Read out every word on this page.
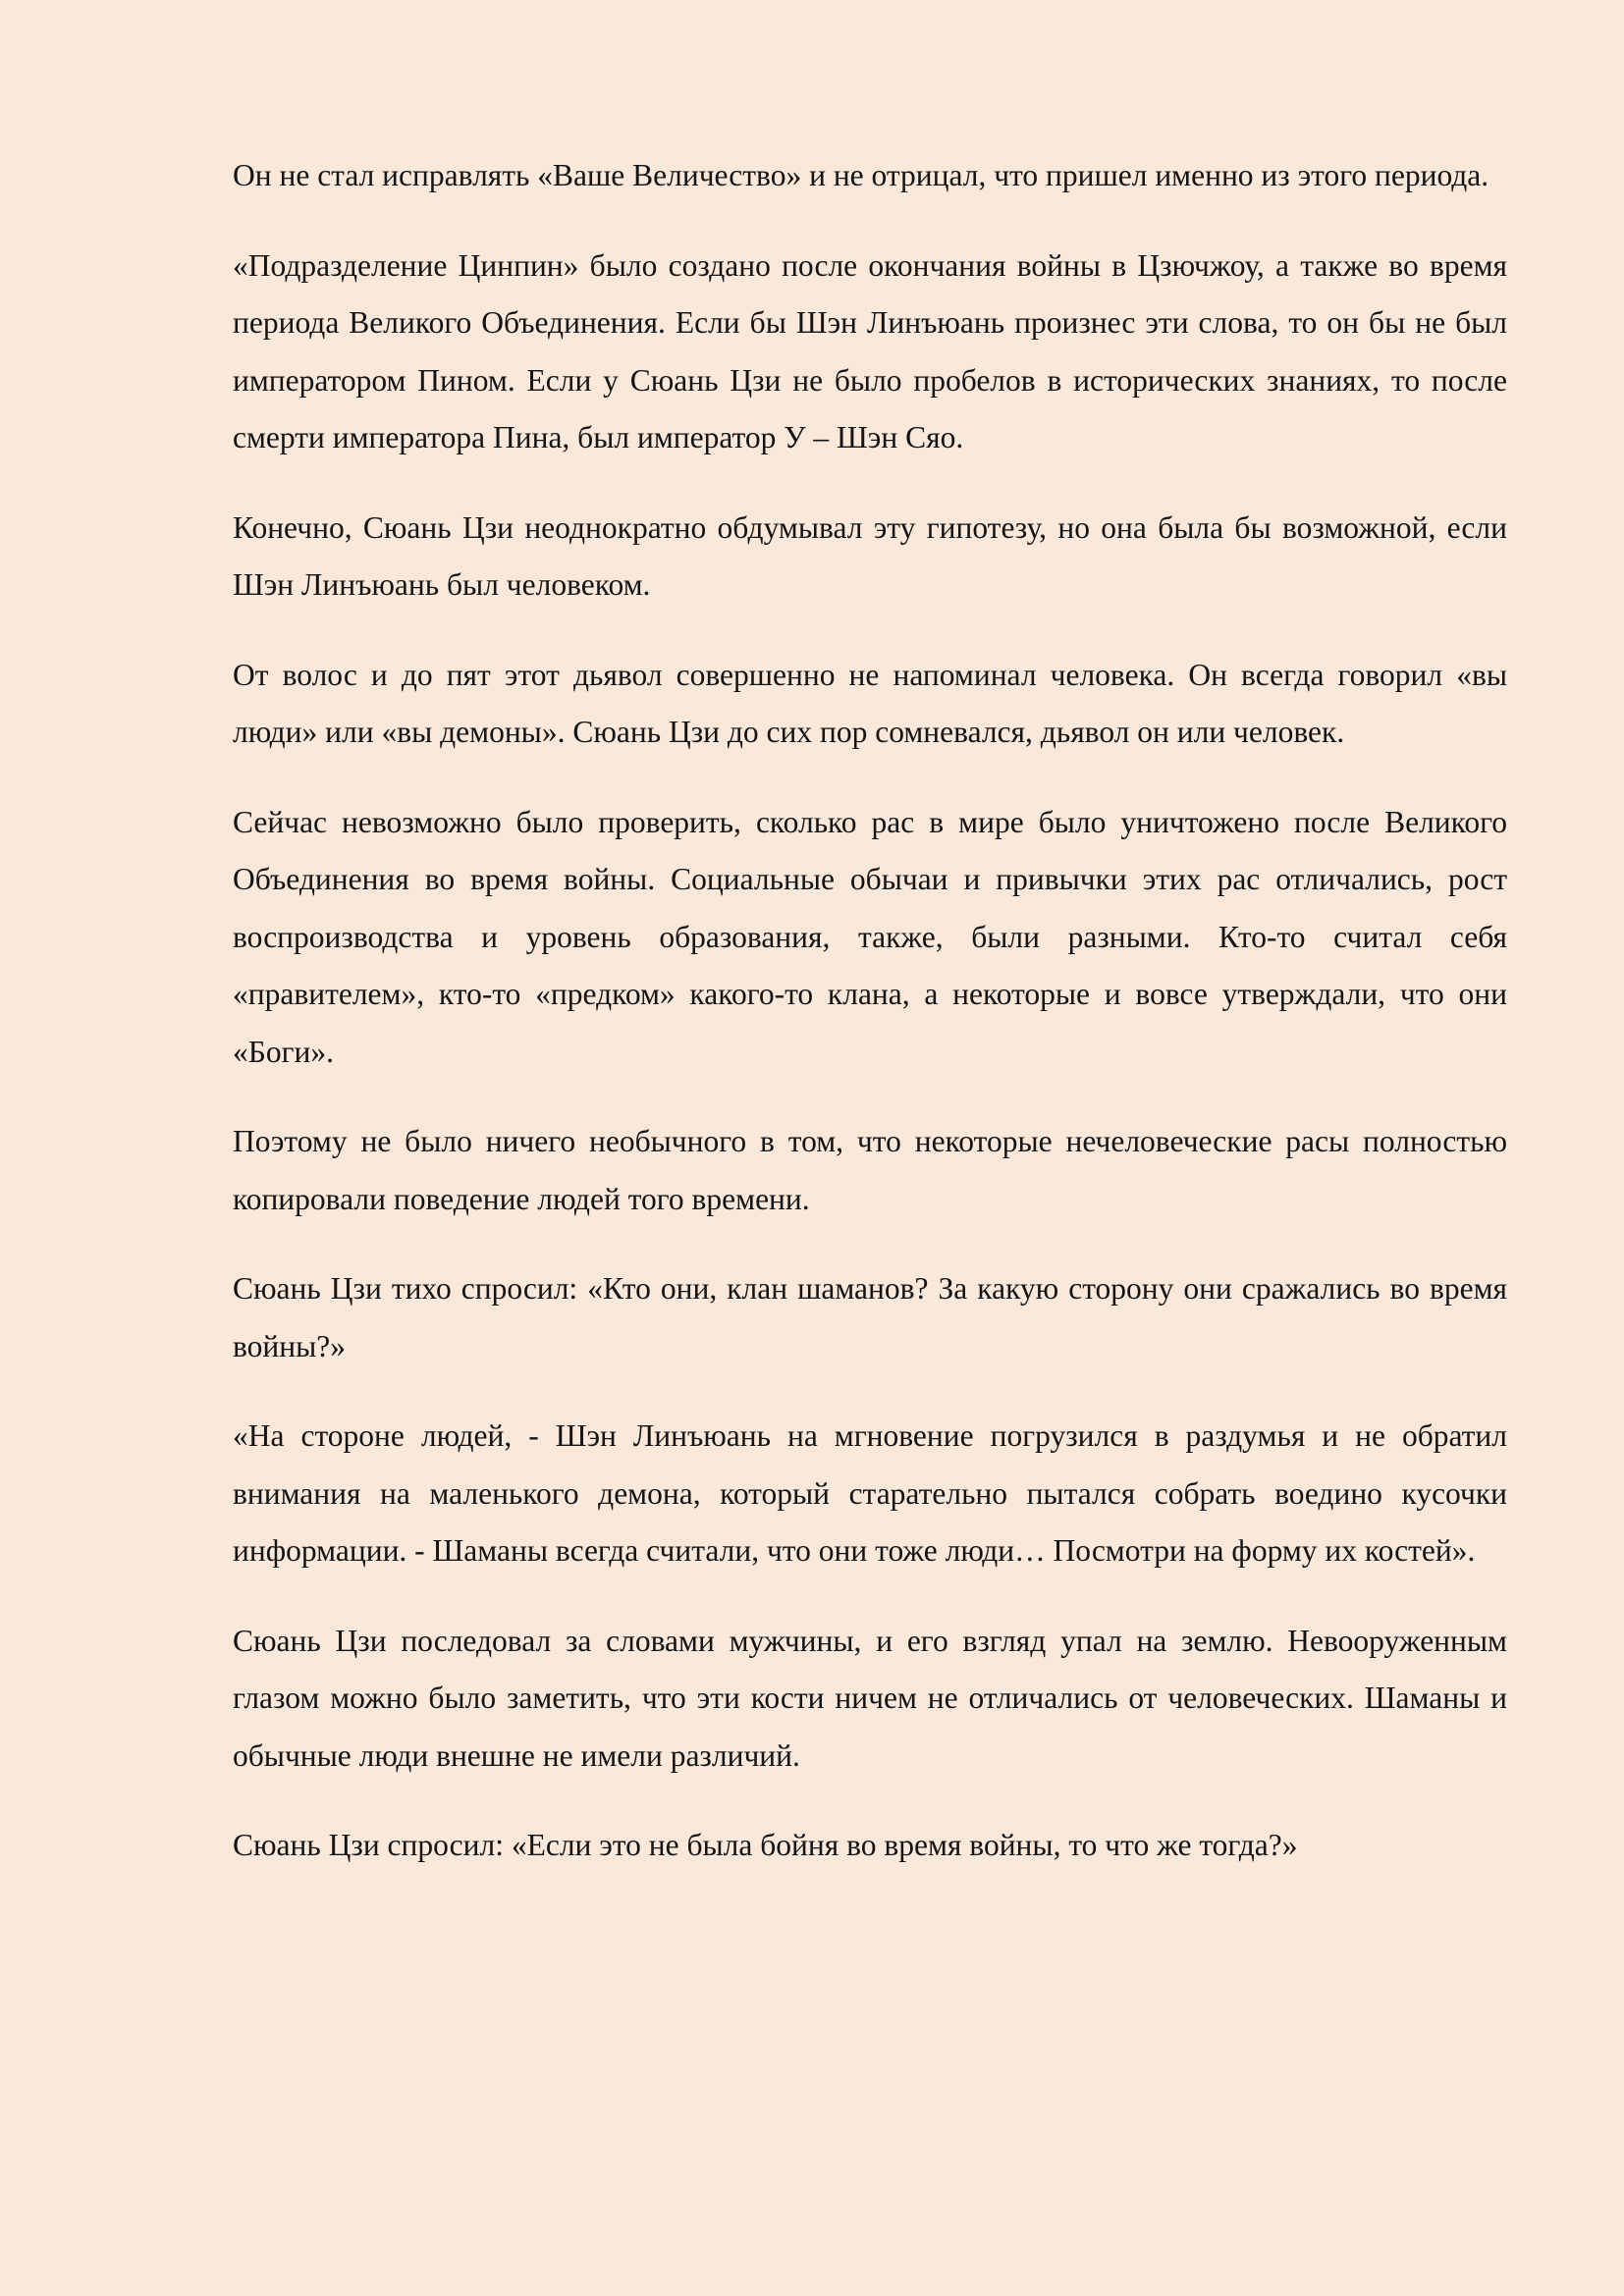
Он не стал исправлять «Ваше Величество» и не отрицал, что пришел именно из этого периода.

«Подразделение Цинпин» было создано после окончания войны в Цзючжоу, а также во время периода Великого Объединения. Если бы Шэн Линъюань произнес эти слова, то он бы не был императором Пином. Если у Сюань Цзи не было пробелов в исторических знаниях, то после смерти императора Пина, был император У – Шэн Сяо.

Конечно, Сюань Цзи неоднократно обдумывал эту гипотезу, но она была бы возможной, если Шэн Линъюань был человеком.

От волос и до пят этот дьявол совершенно не напоминал человека. Он всегда говорил «вы люди» или «вы демоны». Сюань Цзи до сих пор сомневался, дьявол он или человек.

Сейчас невозможно было проверить, сколько рас в мире было уничтожено после Великого Объединения во время войны. Социальные обычаи и привычки этих рас отличались, рост воспроизводства и уровень образования, также, были разными. Кто-то считал себя «правителем», кто-то «предком» какого-то клана, а некоторые и вовсе утверждали, что они «Боги».

Поэтому не было ничего необычного в том, что некоторые нечеловеческие расы полностью копировали поведение людей того времени.

Сюань Цзи тихо спросил: «Кто они, клан шаманов? За какую сторону они сражались во время войны?»

«На стороне людей, - Шэн Линъюань на мгновение погрузился в раздумья и не обратил внимания на маленького демона, который старательно пытался собрать воедино кусочки информации. - Шаманы всегда считали, что они тоже люди… Посмотри на форму их костей».

Сюань Цзи последовал за словами мужчины, и его взгляд упал на землю. Невооруженным глазом можно было заметить, что эти кости ничем не отличались от человеческих. Шаманы и обычные люди внешне не имели различий.

Сюань Цзи спросил: «Если это не была бойня во время войны, то что же тогда?»
